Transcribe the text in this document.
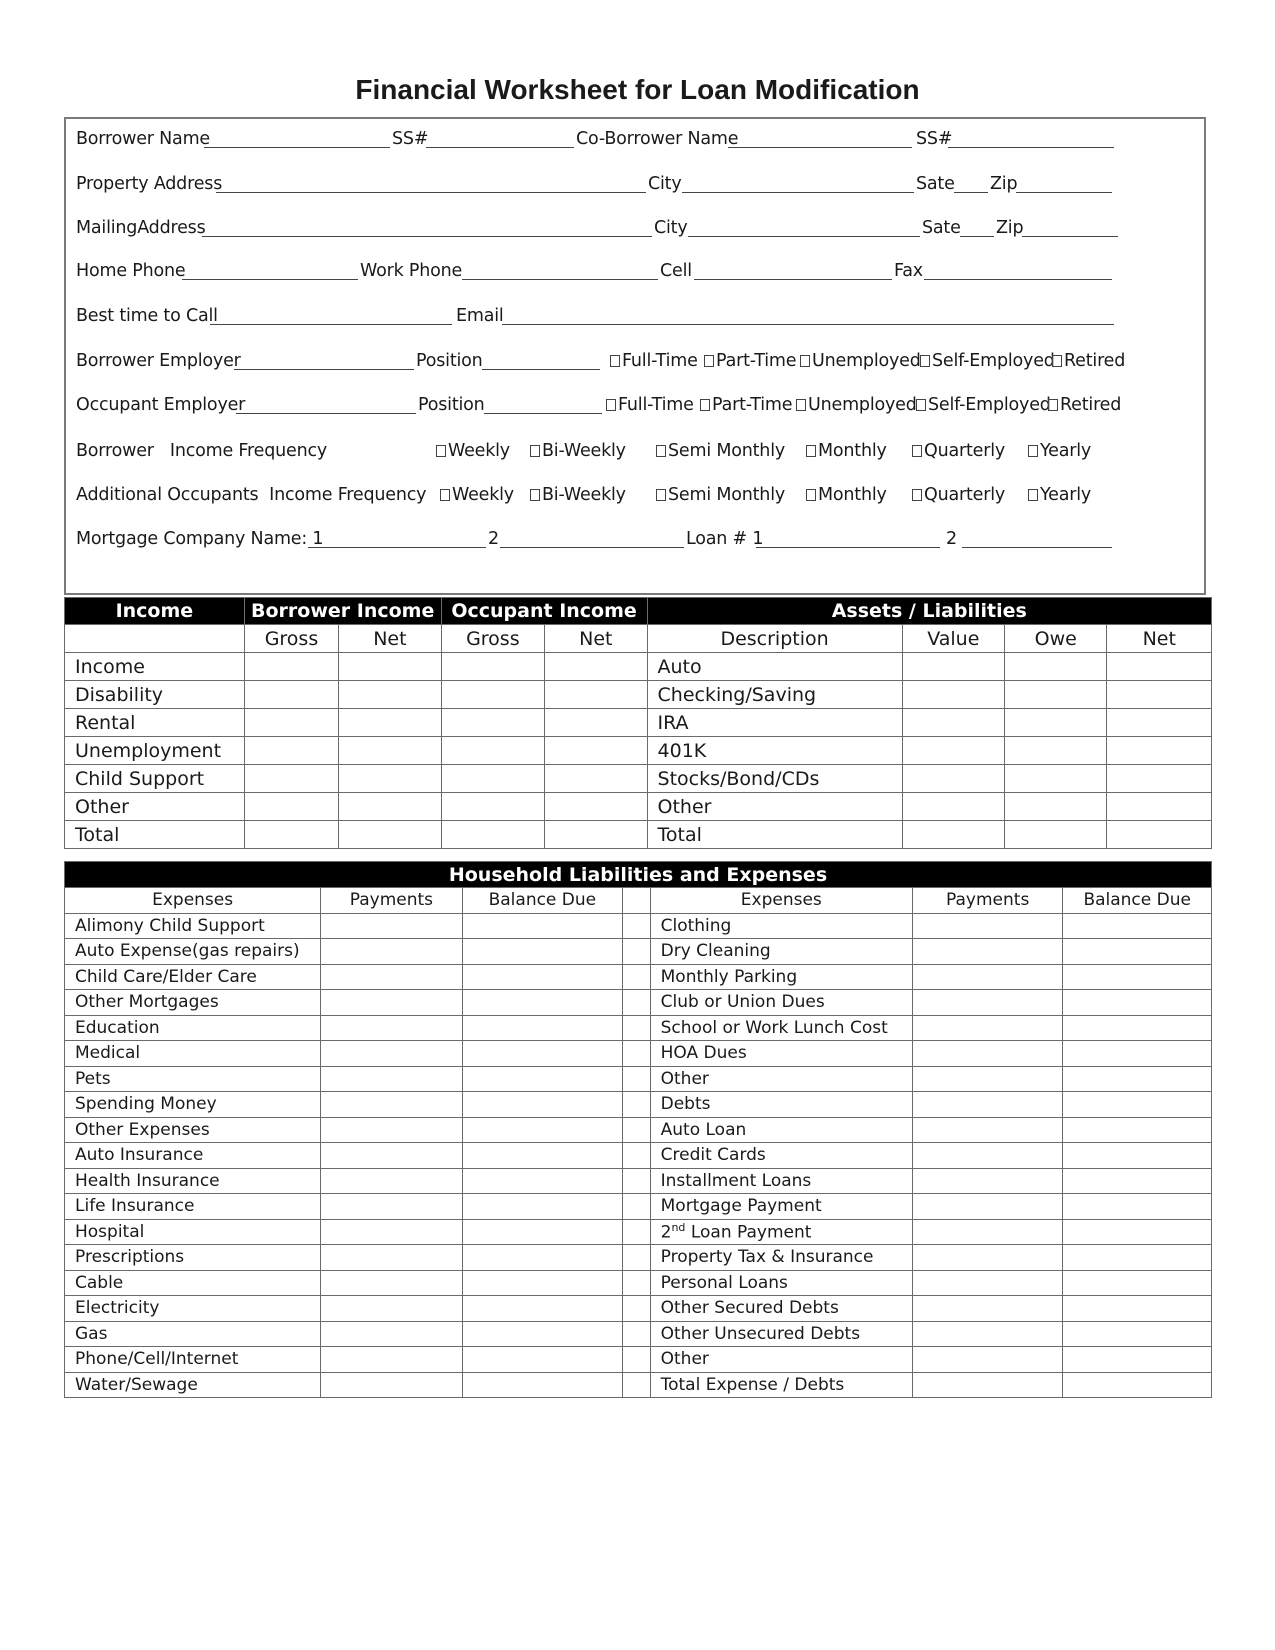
Financial Worksheet for Loan Modification
Borrower Name	SS#	Co-Borrower Name	SS#
Property Address	City	Sate Zip
MailingAddress	City	Sate Zip
Home Phone	Work Phone	Cell	Fax
Best time to Call	Email
Borrower Employer	Position	Full-Time	Part-Time Unemployed Self-Employed Retired
Occupant Employer	Position	Full-Time	Part-Time Unemployed Self-Employed Retired
Borrower   Income Frequency	Weekly	Bi-Weekly	Semi Monthly	Monthly	Quarterly	Yearly
Additional Occupants  Income Frequency	Weekly	Bi-Weekly	Semi Monthly	Monthly	Quarterly	Yearly
Mortgage Company Name: 1	2	Loan # 1	2
Income	Borrower Income		Occupant Income		Assets / Liabilities			
	Gross	Net	Gross	Net	Description	Value	Owe	Net
Income					Auto			
Disability					Checking/Saving			
Rental					IRA			
Unemployment					401K			
Child Support					Stocks/Bond/CDs			
Other					Other			
Total					Total			
Household Liabilities and Expenses						
Expenses	Payments	Balance Due		Expenses	Payments	Balance Due
Alimony Child Support				Clothing		
Auto Expense(gas repairs)				Dry Cleaning		
Child Care/Elder Care				Monthly Parking		
Other Mortgages				Club or Union Dues		
Education				School or Work Lunch Cost		
Medical				HOA Dues		
Pets				Other		
Spending Money				Debts		
Other Expenses				Auto Loan		
Auto Insurance				Credit Cards		
Health Insurance				Installment Loans		
Life Insurance				Mortgage Payment		
Hospital				2nd Loan Payment		
Prescriptions				Property Tax & Insurance		
Cable				Personal Loans		
Electricity				Other Secured Debts		
Gas				Other Unsecured Debts		
Phone/Cell/Internet				Other		
Water/Sewage				Total Expense / Debts		
